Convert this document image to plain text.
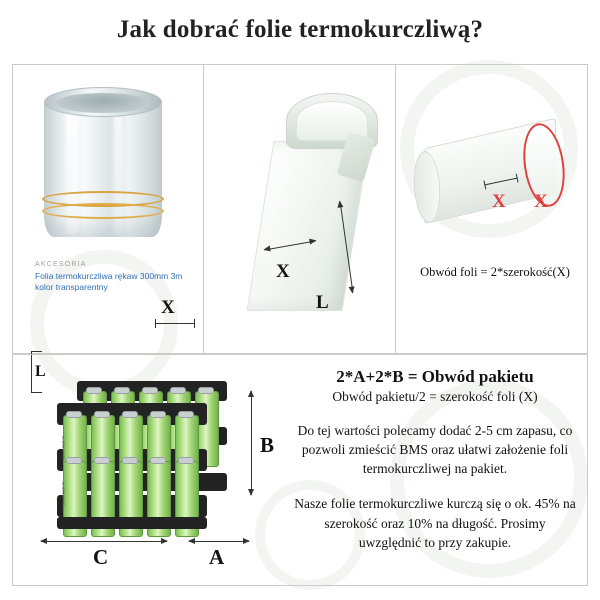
Jak dobrać folie termokurczliwą?
AKCESORIA
Folia termokurczliwa rękaw 300mm 3m kolor transparentny
X
L
X
L
X X
Obwód foli = 2*szerokość(X)
LI-ION 18650
LI-ION 18650
B
A
C
2*A+2*B = Obwód pakietu
Obwód pakietu/2 = szerokość foli (X)
Do tej wartości polecamy dodać 2-5 cm zapasu, co pozwoli zmieścić BMS oraz ułatwi założenie foli termokurczliwej na pakiet.
Nasze folie termokurczliwe kurczą się o ok. 45% na szerokość oraz 10% na długość. Prosimy uwzględnić to przy zakupie.
